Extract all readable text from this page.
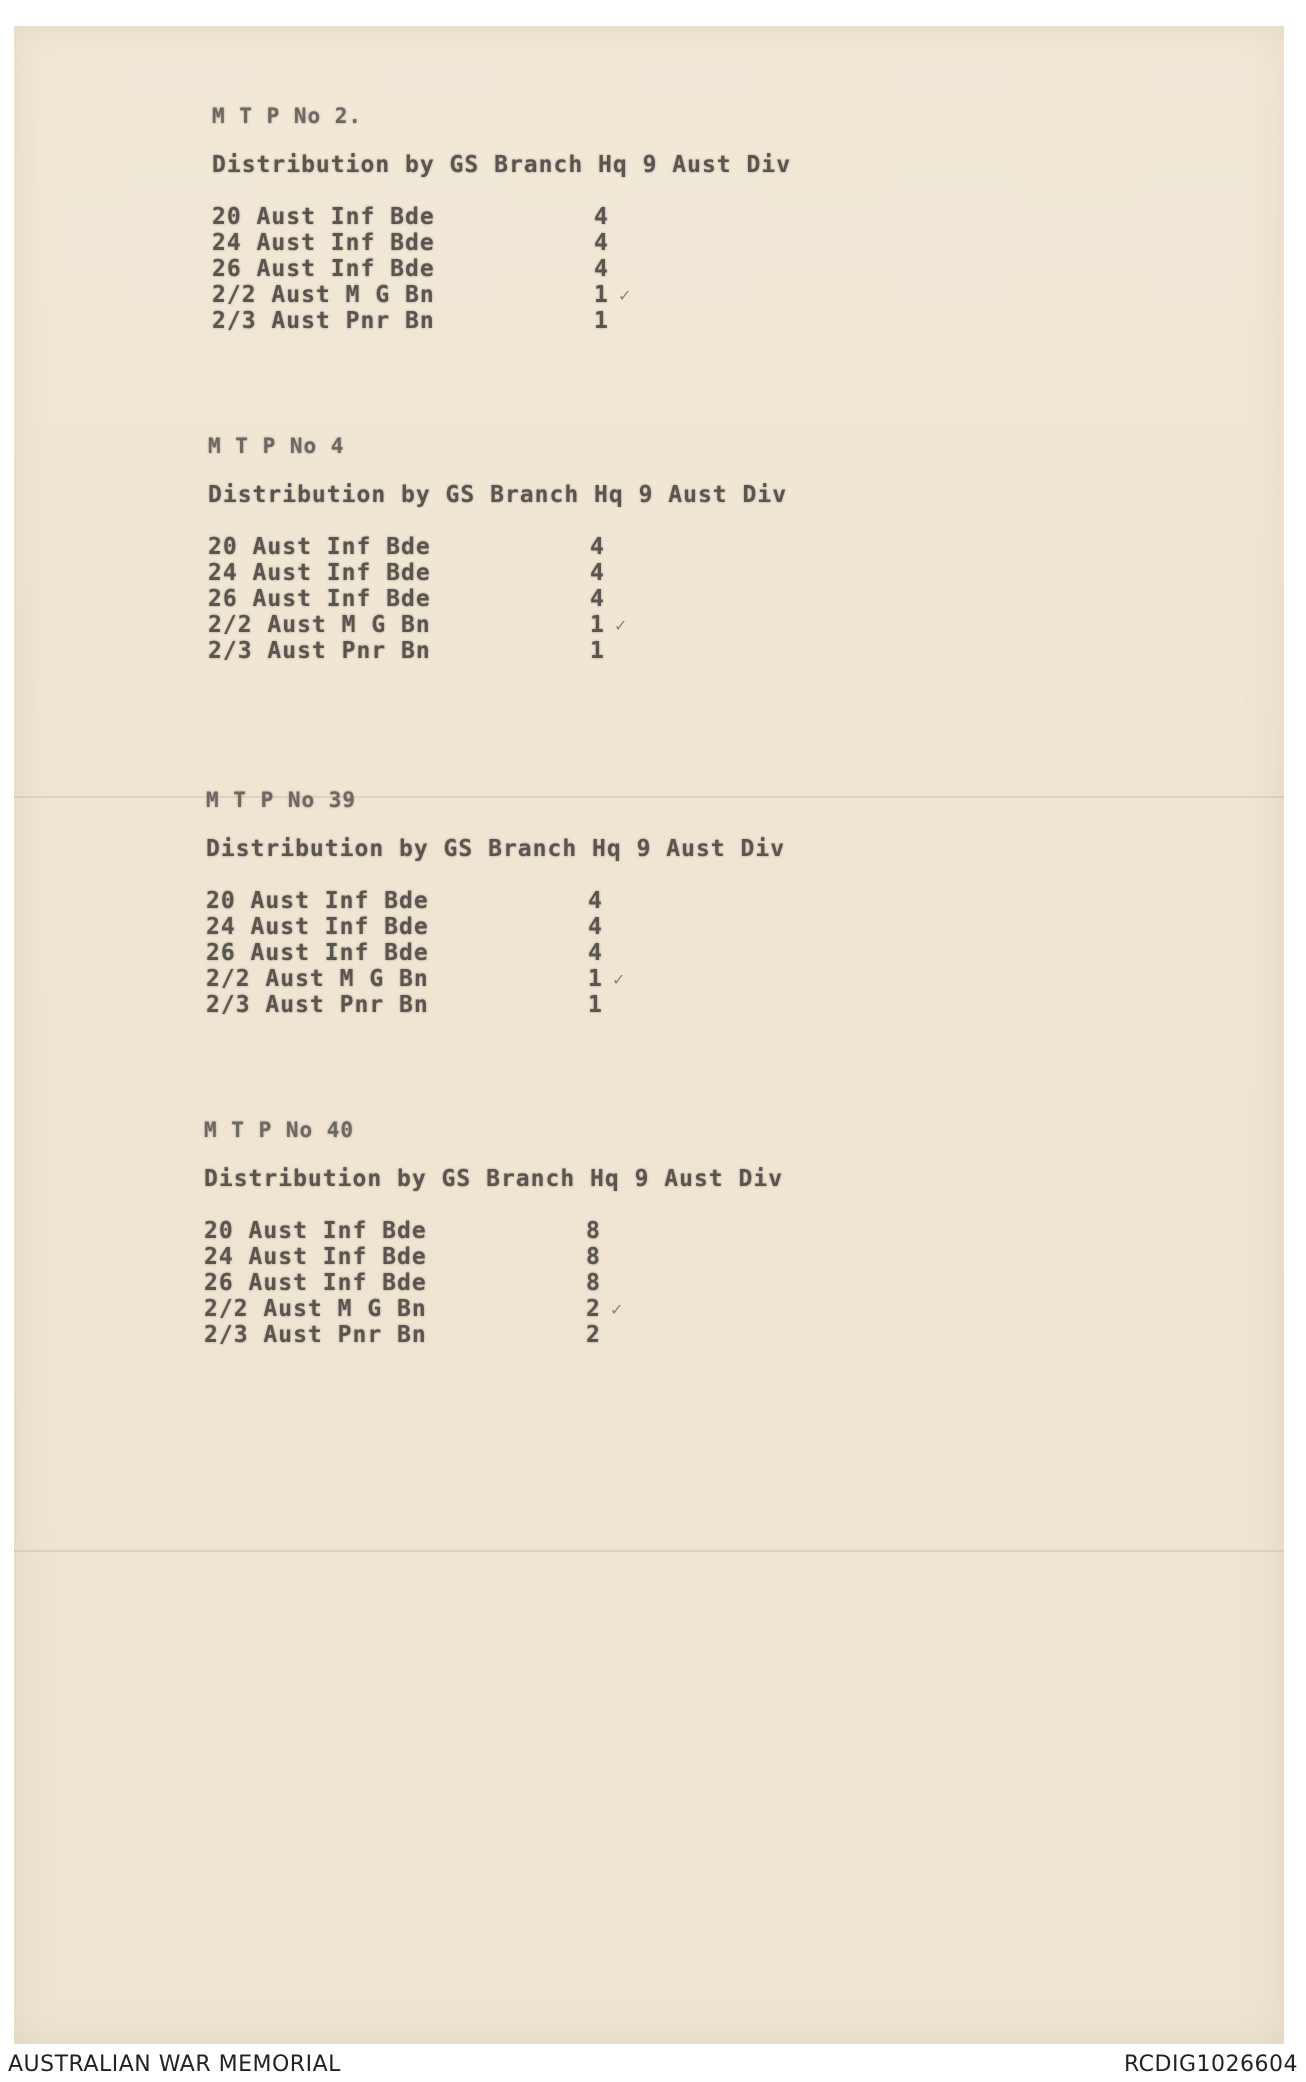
M T P No 2.
Distribution by GS Branch Hq 9 Aust Div
20 Aust Inf Bde	4
24 Aust Inf Bde	4
26 Aust Inf Bde	4
2/2 Aust M G Bn	1 ✓
2/3 Aust Pnr Bn	1
M T P No 4
Distribution by GS Branch Hq 9 Aust Div
20 Aust Inf Bde	4
24 Aust Inf Bde	4
26 Aust Inf Bde	4
2/2 Aust M G Bn	1 ✓
2/3 Aust Pnr Bn	1
M T P No 39
Distribution by GS Branch Hq 9 Aust Div
20 Aust Inf Bde	4
24 Aust Inf Bde	4
26 Aust Inf Bde	4
2/2 Aust M G Bn	1 ✓
2/3 Aust Pnr Bn	1
M T P No 40
Distribution by GS Branch Hq 9 Aust Div
20 Aust Inf Bde	8
24 Aust Inf Bde	8
26 Aust Inf Bde	8
2/2 Aust M G Bn	2 ✓
2/3 Aust Pnr Bn	2
AUSTRALIAN WAR MEMORIAL	RCDIG1026604
